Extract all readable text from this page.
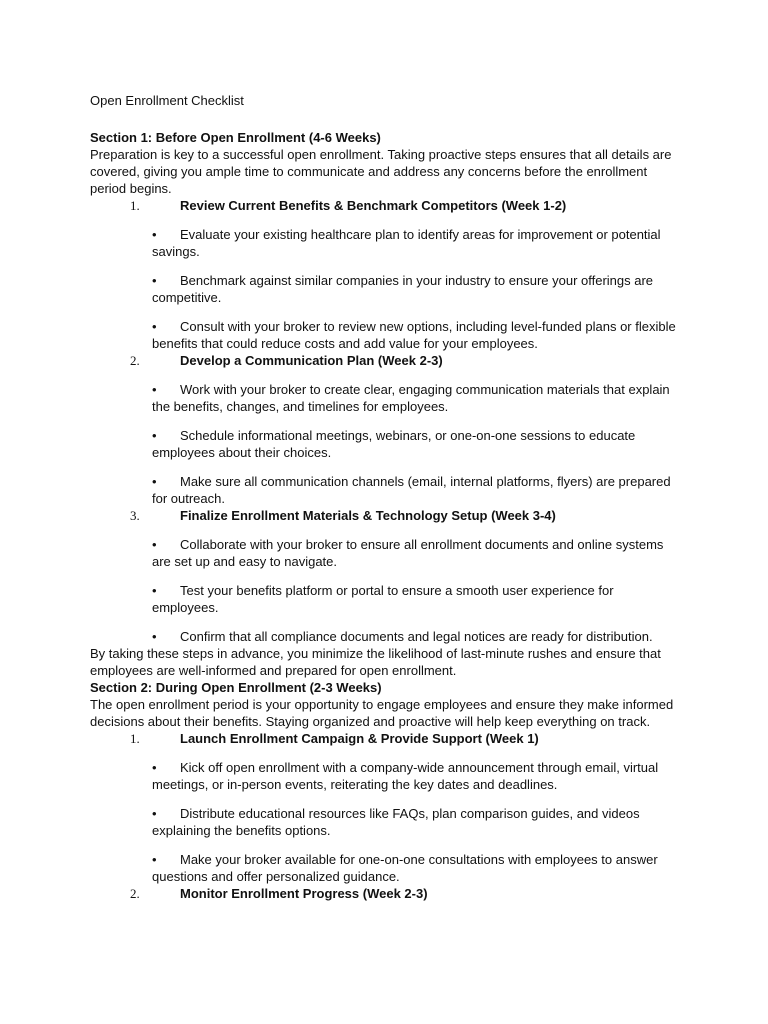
Open Enrollment Checklist

Section 1: Before Open Enrollment (4-6 Weeks)

Preparation is key to a successful open enrollment. Taking proactive steps ensures that all details are covered, giving you ample time to communicate and address any concerns before the enrollment period begins.

1.	Review Current Benefits & Benchmark Competitors (Week 1-2)

• Evaluate your existing healthcare plan to identify areas for improvement or potential savings.
• Benchmark against similar companies in your industry to ensure your offerings are competitive.
• Consult with your broker to review new options, including level-funded plans or flexible benefits that could reduce costs and add value for your employees.

2.	Develop a Communication Plan (Week 2-3)

• Work with your broker to create clear, engaging communication materials that explain the benefits, changes, and timelines for employees.
• Schedule informational meetings, webinars, or one-on-one sessions to educate employees about their choices.
• Make sure all communication channels (email, internal platforms, flyers) are prepared for outreach.

3.	Finalize Enrollment Materials & Technology Setup (Week 3-4)

• Collaborate with your broker to ensure all enrollment documents and online systems are set up and easy to navigate.
• Test your benefits platform or portal to ensure a smooth user experience for employees.
• Confirm that all compliance documents and legal notices are ready for distribution.

By taking these steps in advance, you minimize the likelihood of last-minute rushes and ensure that employees are well-informed and prepared for open enrollment.

Section 2: During Open Enrollment (2-3 Weeks)

The open enrollment period is your opportunity to engage employees and ensure they make informed decisions about their benefits. Staying organized and proactive will help keep everything on track.

1.	Launch Enrollment Campaign & Provide Support (Week 1)

• Kick off open enrollment with a company-wide announcement through email, virtual meetings, or in-person events, reiterating the key dates and deadlines.
• Distribute educational resources like FAQs, plan comparison guides, and videos explaining the benefits options.
• Make your broker available for one-on-one consultations with employees to answer questions and offer personalized guidance.

2.	Monitor Enrollment Progress (Week 2-3)
